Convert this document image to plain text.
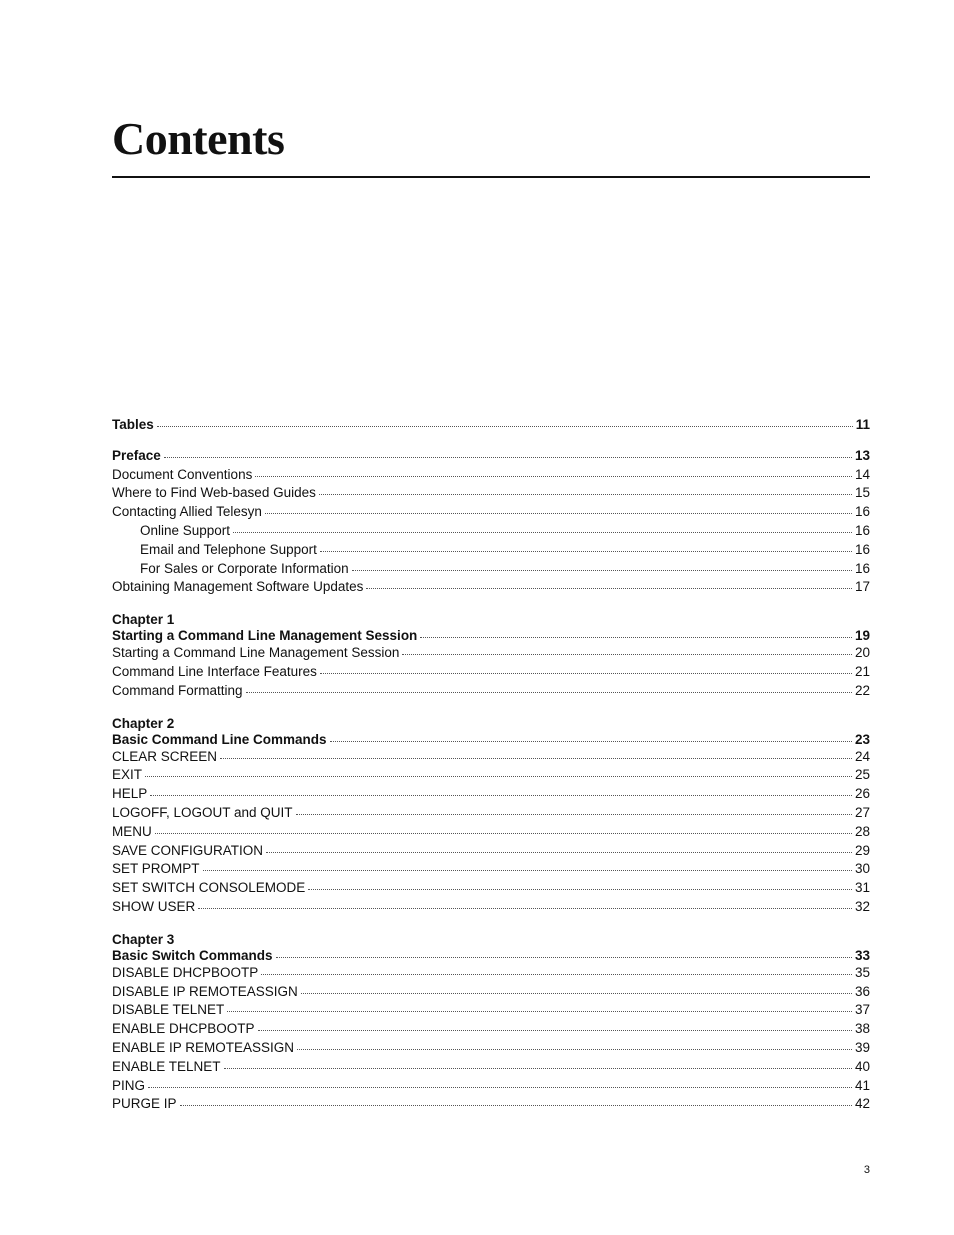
Contents
Tables	11
Preface	13
Document Conventions	14
Where to Find Web-based Guides	15
Contacting Allied Telesyn	16
Online Support	16
Email and Telephone Support	16
For Sales or Corporate Information	16
Obtaining Management Software Updates	17
Chapter 1
Starting a Command Line Management Session	19
Starting a Command Line Management Session	20
Command Line Interface Features	21
Command Formatting	22
Chapter 2
Basic Command Line Commands	23
CLEAR SCREEN	24
EXIT	25
HELP	26
LOGOFF, LOGOUT and QUIT	27
MENU	28
SAVE CONFIGURATION	29
SET PROMPT	30
SET SWITCH CONSOLEMODE	31
SHOW USER	32
Chapter 3
Basic Switch Commands	33
DISABLE DHCPBOOTP	35
DISABLE IP REMOTEASSIGN	36
DISABLE TELNET	37
ENABLE DHCPBOOTP	38
ENABLE IP REMOTEASSIGN	39
ENABLE TELNET	40
PING	41
PURGE IP	42
3
